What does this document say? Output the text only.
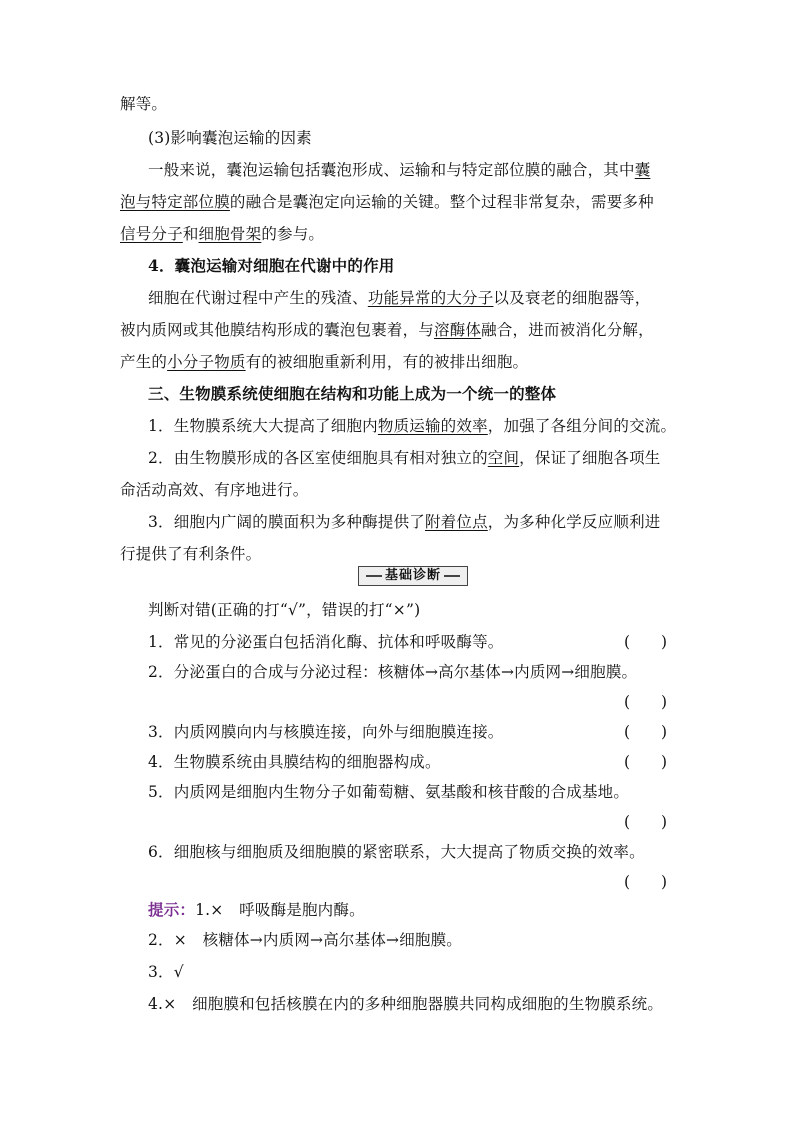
解等。
(3)影响囊泡运输的因素
一般来说，囊泡运输包括囊泡形成、运输和与特定部位膜的融合，其中囊
泡与特定部位膜的融合是囊泡定向运输的关键。整个过程非常复杂，需要多种
信号分子和细胞骨架的参与。
4．囊泡运输对细胞在代谢中的作用
细胞在代谢过程中产生的残渣、功能异常的大分子以及衰老的细胞器等，
被内质网或其他膜结构形成的囊泡包裹着，与溶酶体融合，进而被消化分解，
产生的小分子物质有的被细胞重新利用，有的被排出细胞。
三、生物膜系统使细胞在结构和功能上成为一个统一的整体
1．生物膜系统大大提高了细胞内物质运输的效率，加强了各组分间的交流。
2．由生物膜形成的各区室使细胞具有相对独立的空间，保证了细胞各项生
命活动高效、有序地进行。
3．细胞内广阔的膜面积为多种酶提供了附着位点，为多种化学反应顺利进
行提供了有利条件。
基础诊断
判断对错(正确的打“√”，错误的打“×”)
1．常见的分泌蛋白包括消化酶、抗体和呼吸酶等。	(　　)
2．分泌蛋白的合成与分泌过程：核糖体→高尔基体→内质网→细胞膜。
(　　)
3．内质网膜向内与核膜连接，向外与细胞膜连接。	(　　)
4．生物膜系统由具膜结构的细胞器构成。	(　　)
5．内质网是细胞内生物分子如葡萄糖、氨基酸和核苷酸的合成基地。
(　　)
6．细胞核与细胞质及细胞膜的紧密联系，大大提高了物质交换的效率。
(　　)
提示：1.×　呼吸酶是胞内酶。
2．×　核糖体→内质网→高尔基体→细胞膜。
3．√
4.×　细胞膜和包括核膜在内的多种细胞器膜共同构成细胞的生物膜系统。
